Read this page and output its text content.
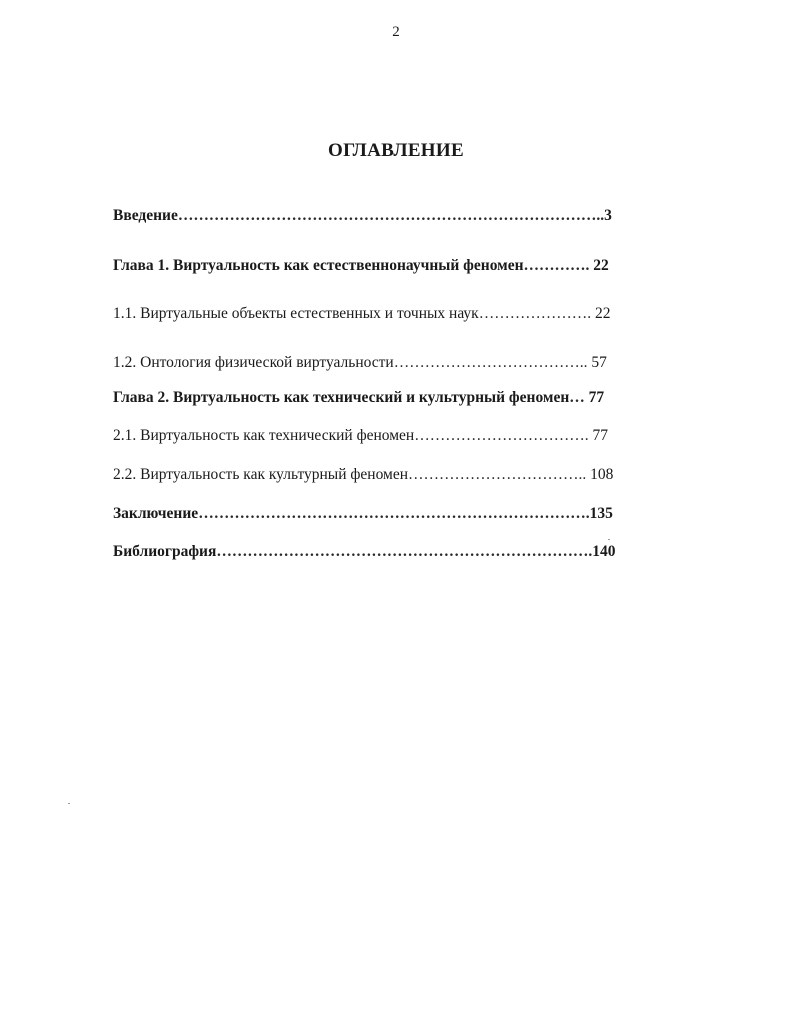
2
ОГЛАВЛЕНИЕ
Введение………………………………………………………………………..3
Глава 1. Виртуальность как естественнонаучный феномен…………. 22
1.1. Виртуальные объекты естественных и точных наук…………………. 22
1.2. Онтология физической виртуальности……………………………….. 57
Глава 2. Виртуальность как технический и культурный феномен… 77
2.1. Виртуальность как технический феномен……………………………. 77
2.2. Виртуальность как культурный феномен…………………………….. 108
Заключение………………………………………………………………….135
Библиография……………………………………………………………….140
